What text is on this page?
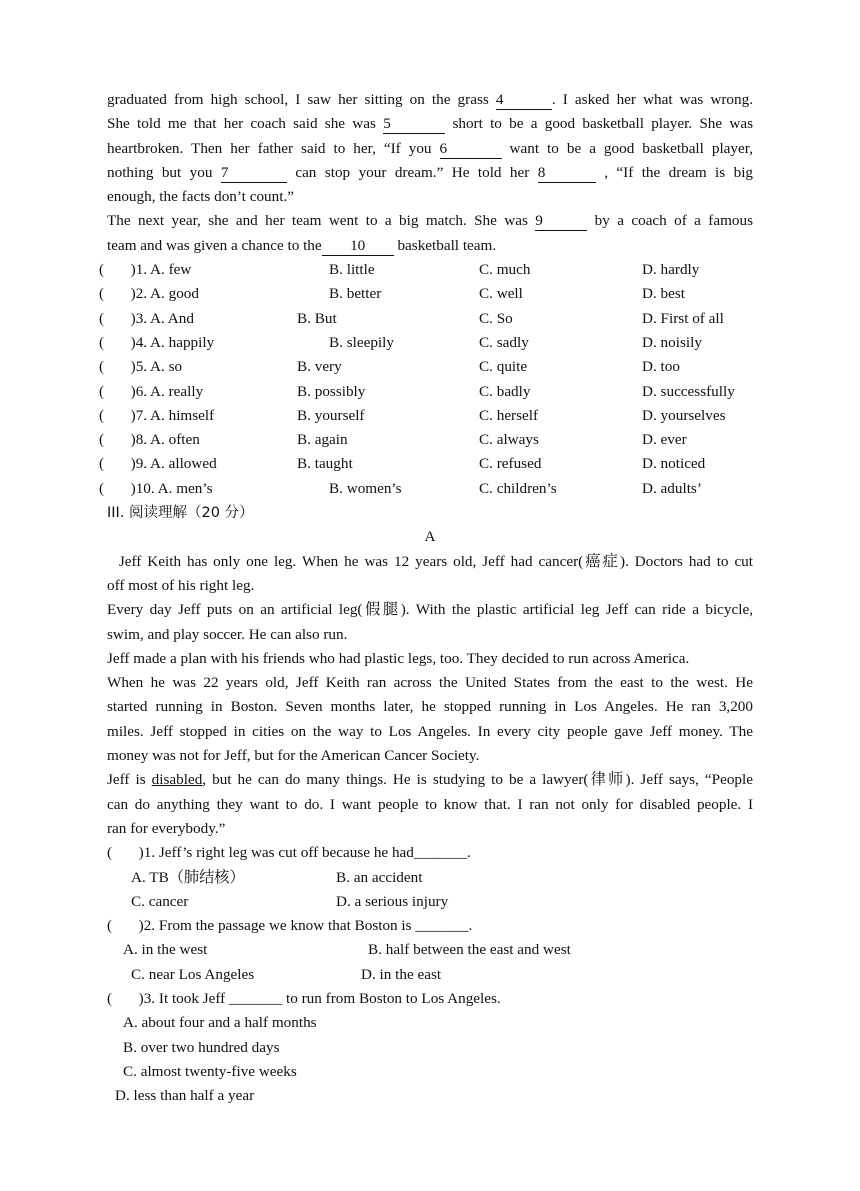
graduated from high school, I saw her sitting on the grass 4	. I asked her what was wrong.
She told me that her coach said she was 5	short to be a good basketball player. She was
heartbroken. Then her father said to her, “If you 6	want to be a good basketball player,
nothing but you 7	can stop your dream.” He told her 8	, “If the dream is big
enough, the facts don’t count.”
The next year, she and her team went to a big match. She was 9	by a coach of a famous
team and was given a chance to the 10 basketball team.
(       )1. A. few	B. little	C. much	D. hardly
(       )2. A. good	B. better	C. well	D. best
(       )3. A. And	B. But	C. So	D. First of all
(       )4. A. happily	B. sleepily	C. sadly	D. noisily
(       )5. A. so	B. very	C. quite	D. too
(       )6. A. really	B. possibly	C. badly	D. successfully
(       )7. A. himself	B. yourself	C. herself	D. yourselves
(       )8. A. often	B. again	C. always	D. ever
(       )9. A. allowed	B. taught	C. refused	D. noticed
(       )10. A. men’s	B. women’s	C. children’s	D. adults’
III. 阅读理解（20 分）
A
Jeff Keith has only one leg. When he was 12 years old, Jeff had cancer(癌症). Doctors had to cut
off most of his right leg.
Every day Jeff puts on an artificial leg(假腿). With the plastic artificial leg Jeff can ride a bicycle,
swim, and play soccer. He can also run.
Jeff made a plan with his friends who had plastic legs, too. They decided to run across America.
When he was 22 years old, Jeff Keith ran across the United States from the east to the west. He
started running in Boston. Seven months later, he stopped running in Los Angeles. He ran 3,200
miles. Jeff stopped in cities on the way to Los Angeles. In every city people gave Jeff money. The
money was not for Jeff, but for the American Cancer Society.
Jeff is disabled, but he can do many things. He is studying to be a lawyer(律师). Jeff says, “People
can do anything they want to do. I want people to know that. I ran not only for disabled people. I
ran for everybody.”
(       )1. Jeff’s right leg was cut off because he had_______.
A. TB（肺结核）	B. an accident
C. cancer	D. a serious injury
(       )2. From the passage we know that Boston is _______.
A. in the west	B. half between the east and west
C. near Los Angeles	D. in the east
(       )3. It took Jeff _______ to run from Boston to Los Angeles.
A. about four and a half months
B. over two hundred days
C. almost twenty-five weeks
D. less than half a year
